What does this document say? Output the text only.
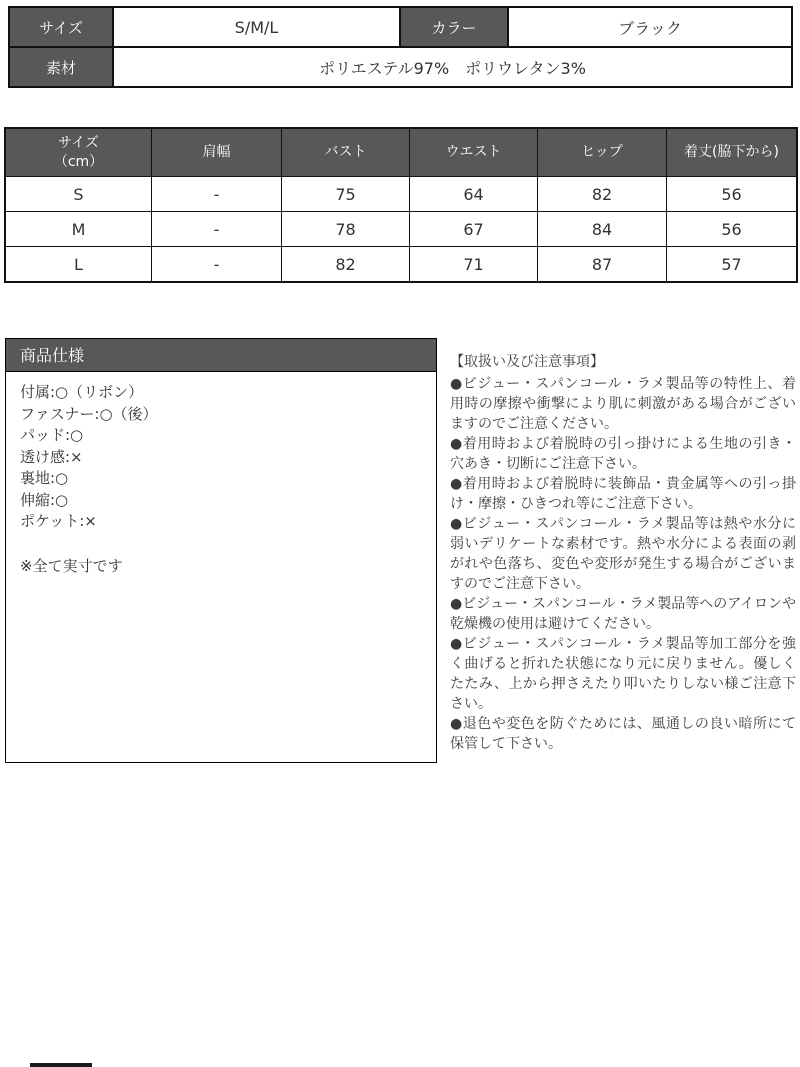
サイズ	S/M/L	カラー	ブラック
素材	ポリエステル97%　ポリウレタン3%
サイズ
（cm）
肩幅	バスト	ウエスト	ヒップ	着丈(脇下から)
S	-	75	64	82	56
M	-	78	67	84	56
L	-	82	71	87	57
商品仕様
付属:○（リボン）
ファスナー:○（後）
パッド:○
透け感:×
裏地:○
伸縮:○
ポケット:×
※全て実寸です
【取扱い及び注意事項】
●ビジュー・スパンコール・ラメ製品等の特性上、着用時の摩擦や衝撃により肌に刺激がある場合がございますのでご注意ください。
●着用時および着脱時の引っ掛けによる生地の引き・穴あき・切断にご注意下さい。
●着用時および着脱時に装飾品・貴金属等への引っ掛け・摩擦・ひきつれ等にご注意下さい。
●ビジュー・スパンコール・ラメ製品等は熱や水分に弱いデリケートな素材です。熱や水分による表面の剥がれや色落ち、変色や変形が発生する場合がございますのでご注意下さい。
●ビジュー・スパンコール・ラメ製品等へのアイロンや乾燥機の使用は避けてください。
●ビジュー・スパンコール・ラメ製品等加工部分を強く曲げると折れた状態になり元に戻りません。優しくたたみ、上から押さえたり叩いたりしない様ご注意下さい。
●退色や変色を防ぐためには、風通しの良い暗所にて保管して下さい。
